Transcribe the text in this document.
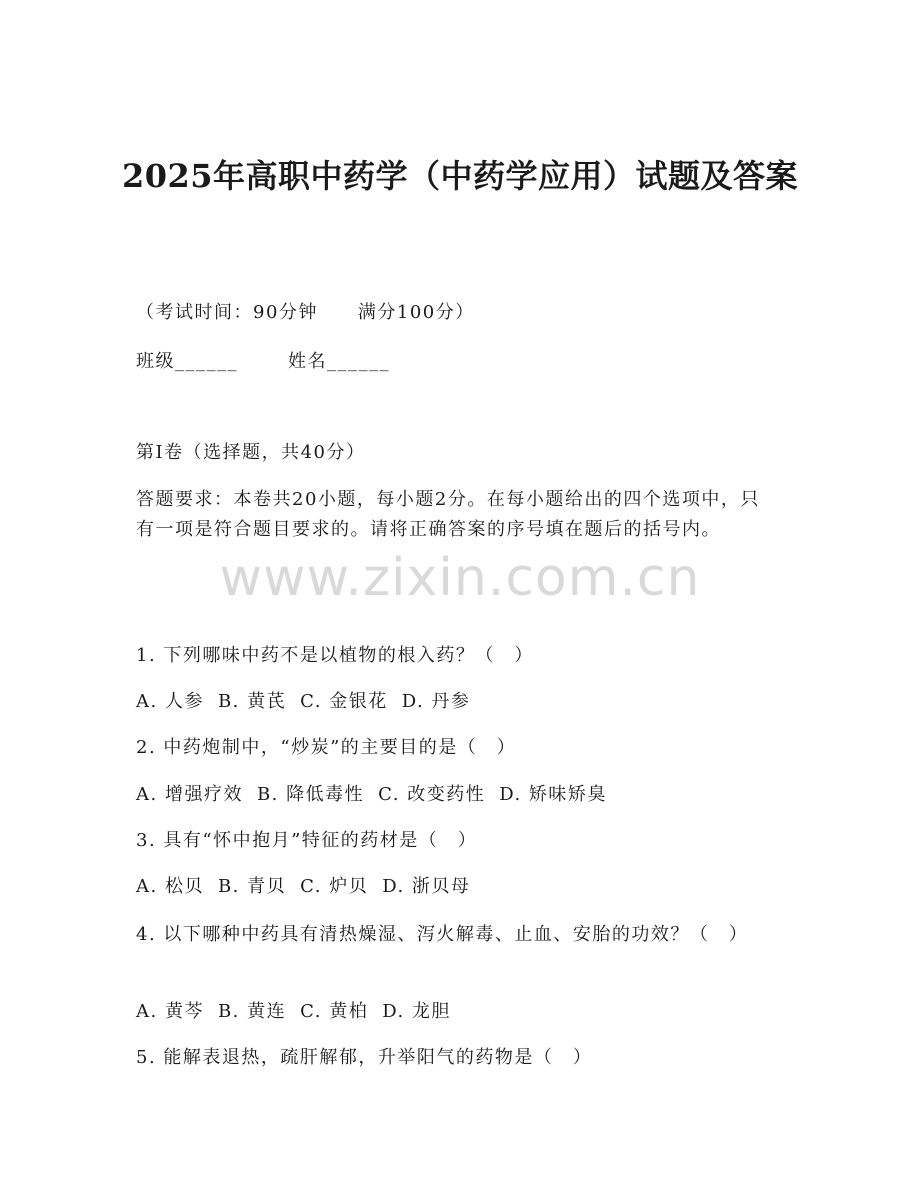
2025年高职中药学（中药学应用）试题及答案
（考试时间：90分钟 满分100分）
班级______	姓名______
第I卷（选择题，共40分）
答题要求：本卷共20小题，每小题2分。在每小题给出的四个选项中，只有一项是符合题目要求的。请将正确答案的序号填在题后的括号内。
www.zixin.com.cn
1. 下列哪味中药不是以植物的根入药？（　）
A. 人参 B. 黄芪 C. 金银花 D. 丹参
2. 中药炮制中，“炒炭”的主要目的是（　）
A. 增强疗效 B. 降低毒性 C. 改变药性 D. 矫味矫臭
3. 具有“怀中抱月”特征的药材是（　）
A. 松贝 B. 青贝 C. 炉贝 D. 浙贝母
4. 以下哪种中药具有清热燥湿、泻火解毒、止血、安胎的功效？（　）
A. 黄芩 B. 黄连 C. 黄柏 D. 龙胆
5. 能解表退热，疏肝解郁，升举阳气的药物是（　）
